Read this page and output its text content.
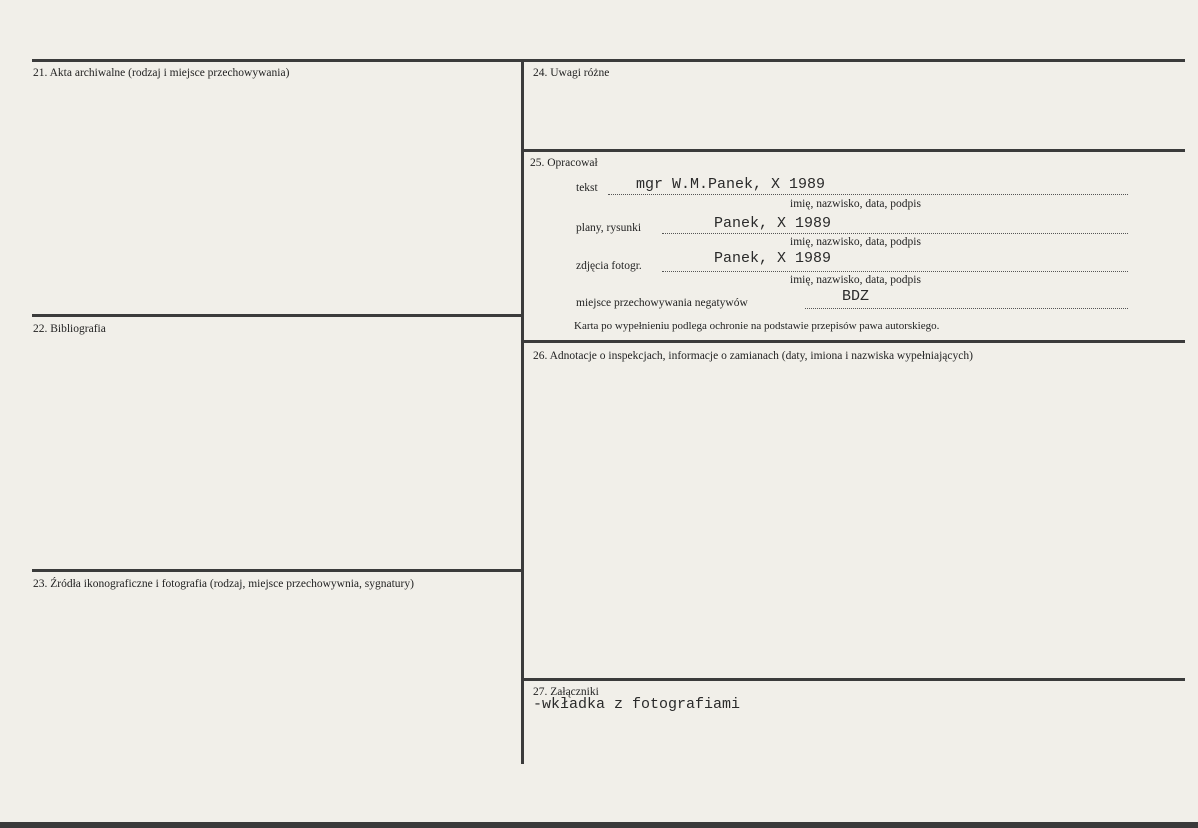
21. Akta archiwalne (rodzaj i miejsce przechowywania)
22. Bibliografia
23. Źródła ikonograficzne i fotografia (rodzaj, miejsce przechowywnia, sygnatury)
24. Uwagi różne
25. Opracował
tekst	mgr W.M.Panek, X 1989
imię, nazwisko, data, podpis
plany, rysunki	Panek, X 1989
imię, nazwisko, data, podpis
zdjęcia fotogr.	Panek, X 1989
imię, nazwisko, data, podpis
miejsce przechowywania negatywów	BDZ
Karta po wypełnieniu podlega ochronie na podstawie przepisów pawa autorskiego.
26. Adnotacje o inspekcjach, informacje o zamianach (daty, imiona i nazwiska wypełniających)
27. Załączniki
-wkładka z fotografiami
